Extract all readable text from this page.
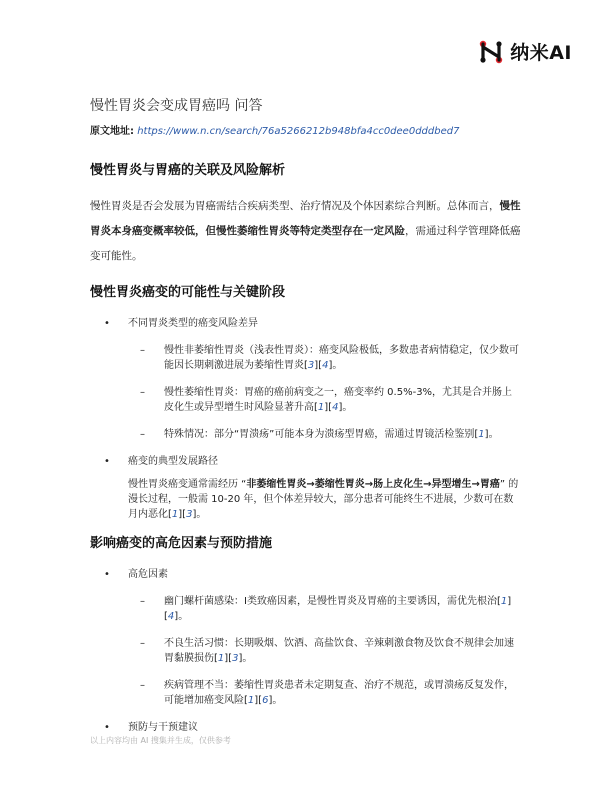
纳米AI
慢性胃炎会变成胃癌吗 问答

原文地址: https://www.n.cn/search/76a5266212b948bfa4cc0dee0dddbed7

慢性胃炎与胃癌的关联及风险解析

慢性胃炎是否会发展为胃癌需结合疾病类型、治疗情况及个体因素综合判断。总体而言，慢性胃炎本身癌变概率较低，但慢性萎缩性胃炎等特定类型存在一定风险，需通过科学管理降低癌变可能性。

慢性胃炎癌变的可能性与关键阶段
• 不同胃炎类型的癌变风险差异
– 慢性非萎缩性胃炎（浅表性胃炎）：癌变风险极低，多数患者病情稳定，仅少数可能因长期刺激进展为萎缩性胃炎[3][4]。
– 慢性萎缩性胃炎：胃癌的癌前病变之一，癌变率约 0.5%-3%，尤其是合并肠上皮化生或异型增生时风险显著升高[1][4]。
– 特殊情况：部分“胃溃疡”可能本身为溃疡型胃癌，需通过胃镜活检鉴别[1]。
• 癌变的典型发展路径
慢性胃炎癌变通常需经历 “非萎缩性胃炎→萎缩性胃炎→肠上皮化生→异型增生→胃癌” 的漫长过程，一般需 10-20 年，但个体差异较大，部分患者可能终生不进展，少数可在数月内恶化[1][3]。
影响癌变的高危因素与预防措施
• 高危因素
– 幽门螺杆菌感染：Ⅰ类致癌因素，是慢性胃炎及胃癌的主要诱因，需优先根治[1][4]。
– 不良生活习惯：长期吸烟、饮酒、高盐饮食、辛辣刺激食物及饮食不规律会加速胃黏膜损伤[1][3]。
– 疾病管理不当：萎缩性胃炎患者未定期复查、治疗不规范，或胃溃疡反复发作，可能增加癌变风险[1][6]。
• 预防与干预建议
以上内容均由 AI 搜集并生成，仅供参考
